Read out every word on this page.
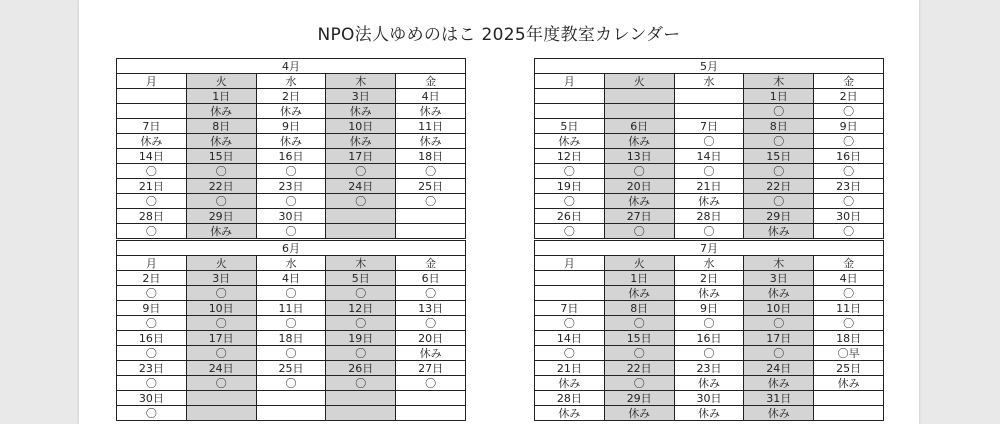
NPO法人ゆめのはこ 2025年度教室カレンダー
4月				
月	火	水	木	金
	1日	2日	3日	4日
	休み	休み	休み	休み
7日	8日	9日	10日	11日
休み	休み	休み	休み	休み
14日	15日	16日	17日	18日
〇	〇	〇	〇	〇
21日	22日	23日	24日	25日
〇	〇	〇	〇	〇
28日	29日	30日		
〇	休み	〇		
5月				
月	火	水	木	金
			1日	2日
			〇	〇
5日	6日	7日	8日	9日
休み	休み	〇	〇	〇
12日	13日	14日	15日	16日
〇	〇	〇	〇	〇
19日	20日	21日	22日	23日
〇	休み	休み	〇	〇
26日	27日	28日	29日	30日
〇	〇	〇	休み	〇
6月				
月	火	水	木	金
2日	3日	4日	5日	6日
〇	〇	〇	〇	〇
9日	10日	11日	12日	13日
〇	〇	〇	〇	〇
16日	17日	18日	19日	20日
〇	〇	〇	〇	休み
23日	24日	25日	26日	27日
〇	〇	〇	〇	〇
30日				
〇				
7月				
月	火	水	木	金
	1日	2日	3日	4日
	休み	休み	休み	〇
7日	8日	9日	10日	11日
〇	〇	〇	〇	〇
14日	15日	16日	17日	18日
〇	〇	〇	〇	〇早
21日	22日	23日	24日	25日
休み	〇	休み	休み	休み
28日	29日	30日	31日	
休み	休み	休み	休み	
